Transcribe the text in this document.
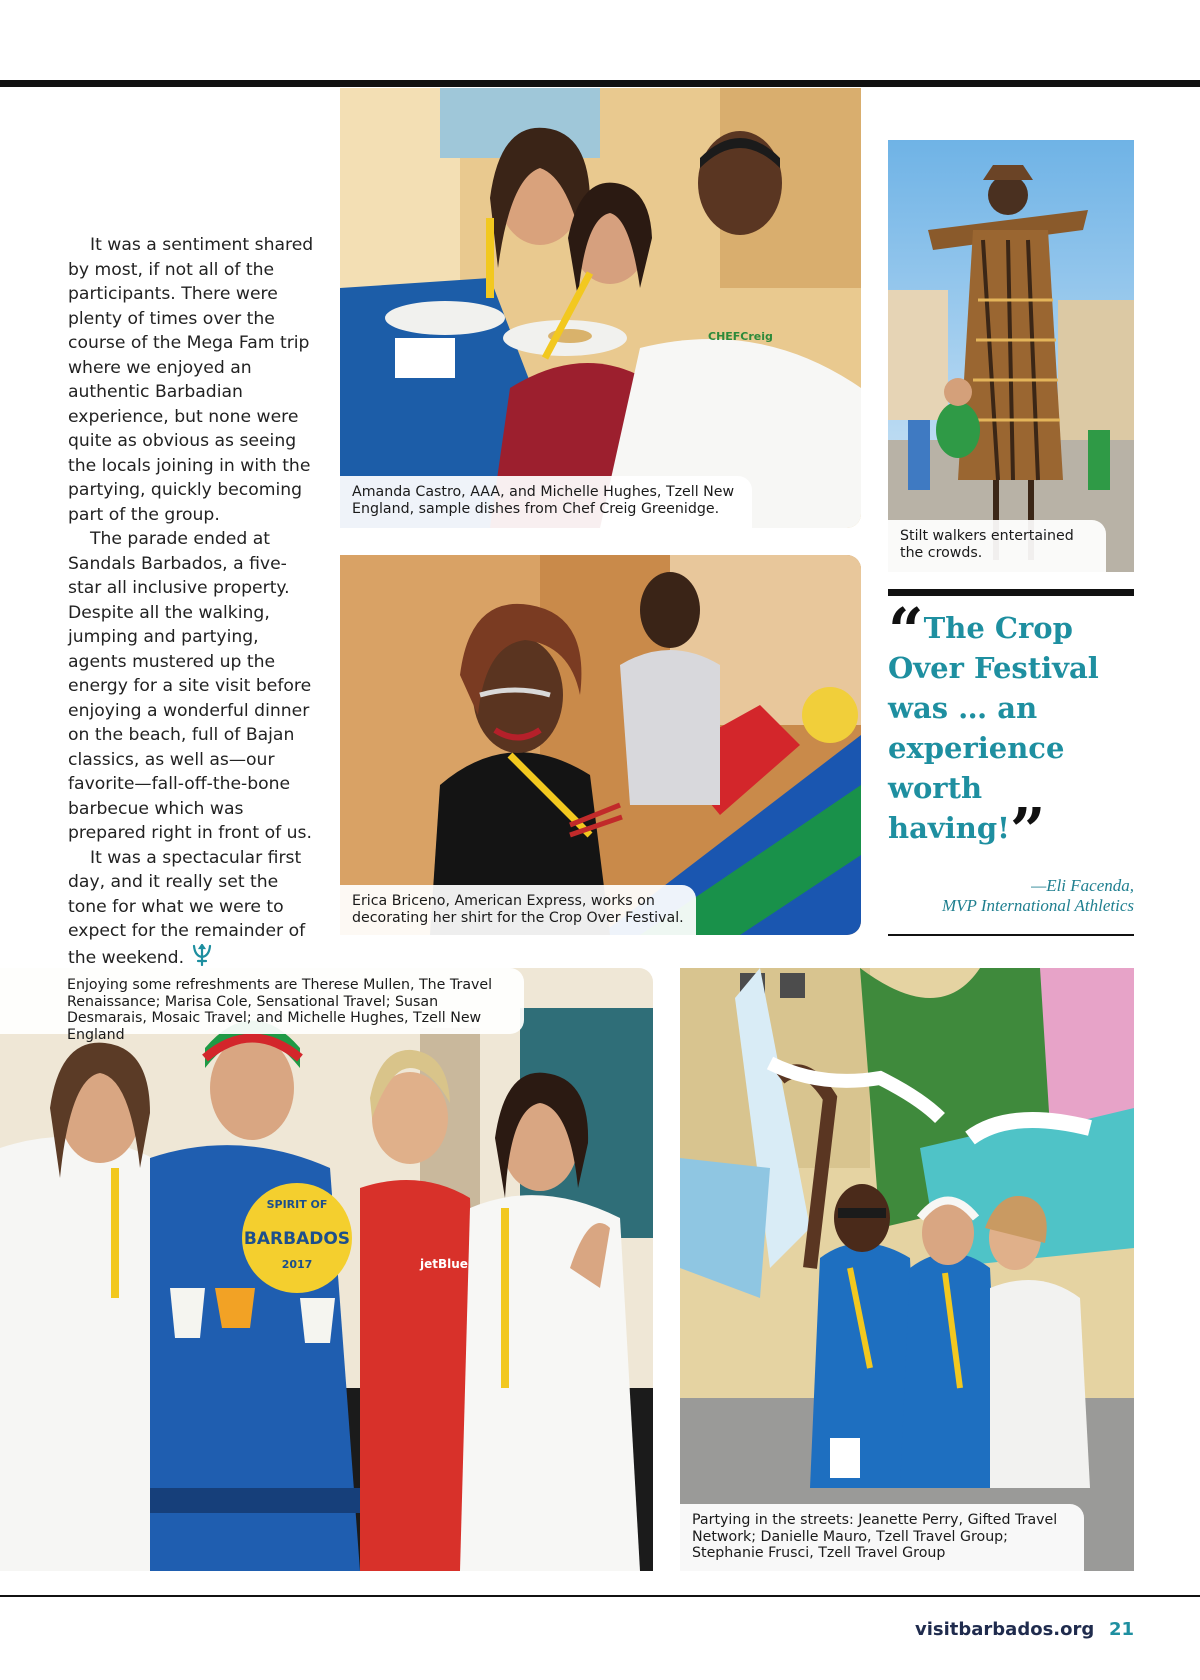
It was a sentiment shared by most, if not all of the participants. There were plenty of times over the course of the Mega Fam trip where we enjoyed an authentic Barbadian experience, but none were quite as obvious as seeing the locals joining in with the partying, quickly becoming part of the group.

The parade ended at Sandals Barbados, a five-star all inclusive property. Despite all the walking, jumping and partying, agents mustered up the energy for a site visit before enjoying a wonderful dinner on the beach, full of Bajan classics, as well as—our favorite—fall-off-the-bone barbecue which was prepared right in front of us.

It was a spectacular first day, and it really set the tone for what we were to expect for the remainder of the weekend.

CHEFCreig
Amanda Castro, AAA, and Michelle Hughes, Tzell New England, sample dishes from Chef Creig Greenidge.
Stilt walkers entertained the crowds.
Erica Briceno, American Express, works on decorating her shirt for the Crop Over Festival.
“The Crop Over Festival was … an experience worth having!”
—Eli Facenda,
MVP International Athletics
SPIRIT OF
BARBADOS
2017	jetBlue
Enjoying some refreshments are Therese Mullen, The Travel Renaissance; Marisa Cole, Sensational Travel; Susan Desmarais, Mosaic Travel; and Michelle Hughes, Tzell New England
Partying in the streets: Jeanette Perry, Gifted Travel Network; Danielle Mauro, Tzell Travel Group; Stephanie Frusci, Tzell Travel Group
visitbarbados.org 21
